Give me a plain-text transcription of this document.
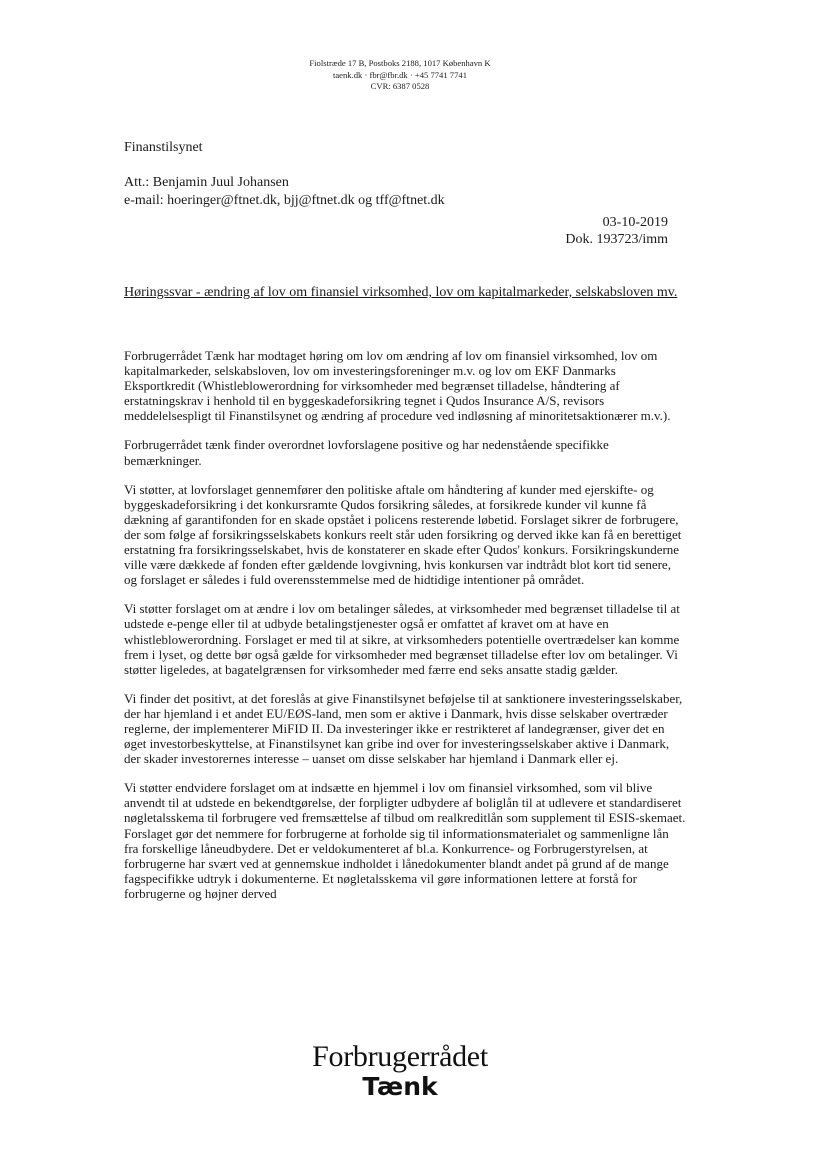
Fiolstræde 17 B, Postboks 2188, 1017 København K
taenk.dk · fbr@fbr.dk · +45 7741 7741
CVR: 6387 0528
Finanstilsynet
Att.: Benjamin Juul Johansen
e-mail: hoeringer@ftnet.dk, bjj@ftnet.dk og tff@ftnet.dk
03-10-2019
Dok. 193723/imm
Høringssvar - ændring af lov om finansiel virksomhed, lov om kapitalmarkeder, selskabsloven mv.

Forbrugerrådet Tænk har modtaget høring om lov om ændring af lov om finansiel virksomhed, lov om kapitalmarkeder, selskabsloven, lov om investeringsforeninger m.v. og lov om EKF Danmarks Eksportkredit (Whistleblowerordning for virksomheder med begrænset tilladelse, håndtering af erstatningskrav i henhold til en byggeskadeforsikring tegnet i Qudos Insurance A/S, revisors meddelelsespligt til Finanstilsynet og ændring af procedure ved indløsning af minoritetsaktionærer m.v.).

Forbrugerrådet tænk finder overordnet lovforslagene positive og har nedenstående specifikke bemærkninger.

Vi støtter, at lovforslaget gennemfører den politiske aftale om håndtering af kunder med ejerskifte- og byggeskadeforsikring i det konkursramte Qudos forsikring således, at forsikrede kunder vil kunne få dækning af garantifonden for en skade opstået i policens resterende løbetid. Forslaget sikrer de forbrugere, der som følge af forsikringsselskabets konkurs reelt står uden forsikring og derved ikke kan få en berettiget erstatning fra forsikringsselskabet, hvis de konstaterer en skade efter Qudos' konkurs. Forsikringskunderne ville være dækkede af fonden efter gældende lovgivning, hvis konkursen var indtrådt blot kort tid senere, og forslaget er således i fuld overensstemmelse med de hidtidige intentioner på området.

Vi støtter forslaget om at ændre i lov om betalinger således, at virksomheder med begrænset tilladelse til at udstede e-penge eller til at udbyde betalingstjenester også er omfattet af kravet om at have en whistleblowerordning. Forslaget er med til at sikre, at virksomheders potentielle overtrædelser kan komme frem i lyset, og dette bør også gælde for virksomheder med begrænset tilladelse efter lov om betalinger. Vi støtter ligeledes, at bagatelgrænsen for virksomheder med færre end seks ansatte stadig gælder.

Vi finder det positivt, at det foreslås at give Finanstilsynet beføjelse til at sanktionere investeringsselskaber, der har hjemland i et andet EU/EØS-land, men som er aktive i Danmark, hvis disse selskaber overtræder reglerne, der implementerer MiFID II. Da investeringer ikke er restrikteret af landegrænser, giver det en øget investorbeskyttelse, at Finanstilsynet kan gribe ind over for investeringsselskaber aktive i Danmark, der skader investorernes interesse – uanset om disse selskaber har hjemland i Danmark eller ej.

Vi støtter endvidere forslaget om at indsætte en hjemmel i lov om finansiel virksomhed, som vil blive anvendt til at udstede en bekendtgørelse, der forpligter udbydere af boliglån til at udlevere et standardiseret nøgletalsskema til forbrugere ved fremsættelse af tilbud om realkreditlån som supplement til ESIS-skemaet. Forslaget gør det nemmere for forbrugerne at forholde sig til informationsmaterialet og sammenligne lån fra forskellige låneudbydere. Det er veldokumenteret af bl.a. Konkurrence- og Forbrugerstyrelsen, at forbrugerne har svært ved at gennemskue indholdet i lånedokumenter blandt andet på grund af de mange fagspecifikke udtryk i dokumenterne. Et nøgletalsskema vil gøre informationen lettere at forstå for forbrugerne og højner derved

Forbrugerrådet
Tænk
